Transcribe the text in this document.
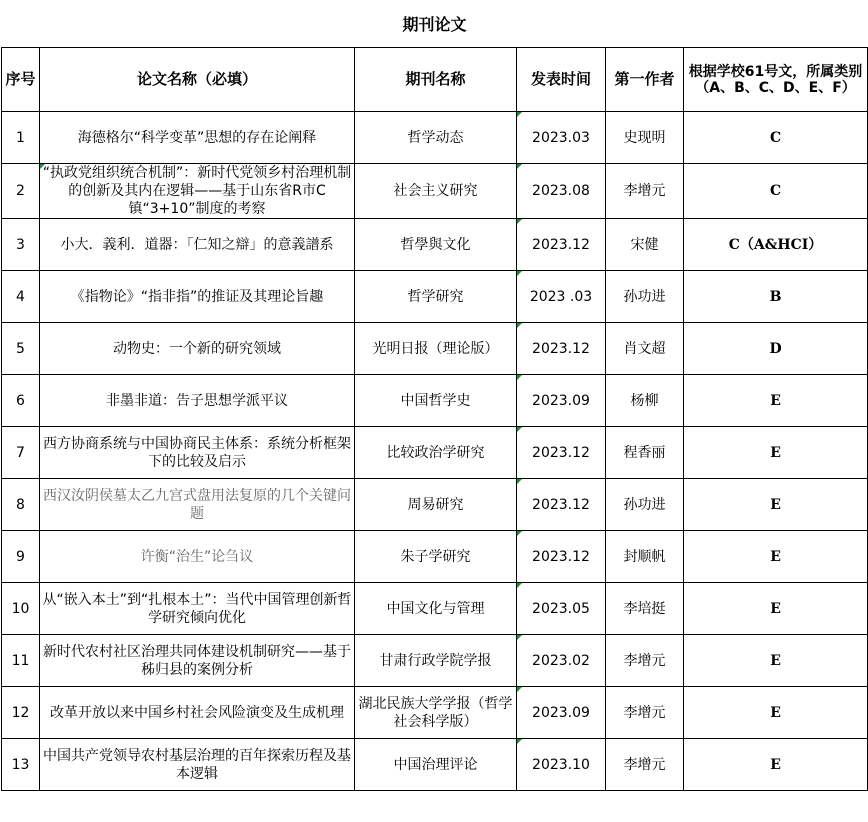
期刊论文					
序号	论文名称（必填）	期刊名称	发表时间	第一作者	根据学校61号文，所属类别（A、B、C、D、E、F）
1	海德格尔“科学变革”思想的存在论阐释	哲学动态	2023.03	史现明	C
2	“执政党组织统合机制”：新时代党领乡村治理机制的创新及其内在逻辑——基于山东省R市C镇“3+10”制度的考察	社会主义研究	2023.08	李增元	C
3	小大．義利．道器：「仁知之辯」的意義譜系	哲學與文化	2023.12	宋健	C（A&HCI）
4	《指物论》“指非指”的推证及其理论旨趣	哲学研究	2023 .03	孙功进	B
5	动物史：一个新的研究领域	光明日报（理论版）	2023.12	肖文超	D
6	非墨非道：告子思想学派平议	中国哲学史	2023.09	杨柳	E
7	西方协商系统与中国协商民主体系：系统分析框架下的比较及启示	比较政治学研究	2023.12	程香丽	E
8	西汉汝阴侯墓太乙九宫式盘用法复原的几个关键问题	周易研究	2023.12	孙功进	E
9	许衡“治生”论刍议	朱子学研究	2023.12	封顺帆	E
10	从“嵌入本土”到“扎根本土”：当代中国管理创新哲学研究倾向优化	中国文化与管理	2023.05	李培挺	E
11	新时代农村社区治理共同体建设机制研究——基于秭归县的案例分析	甘肃行政学院学报	2023.02	李增元	E
12	改革开放以来中国乡村社会风险演变及生成机理	湖北民族大学学报（哲学社会科学版）	2023.09	李增元	E
13	中国共产党领导农村基层治理的百年探索历程及基本逻辑	中国治理评论	2023.10	李增元	E
